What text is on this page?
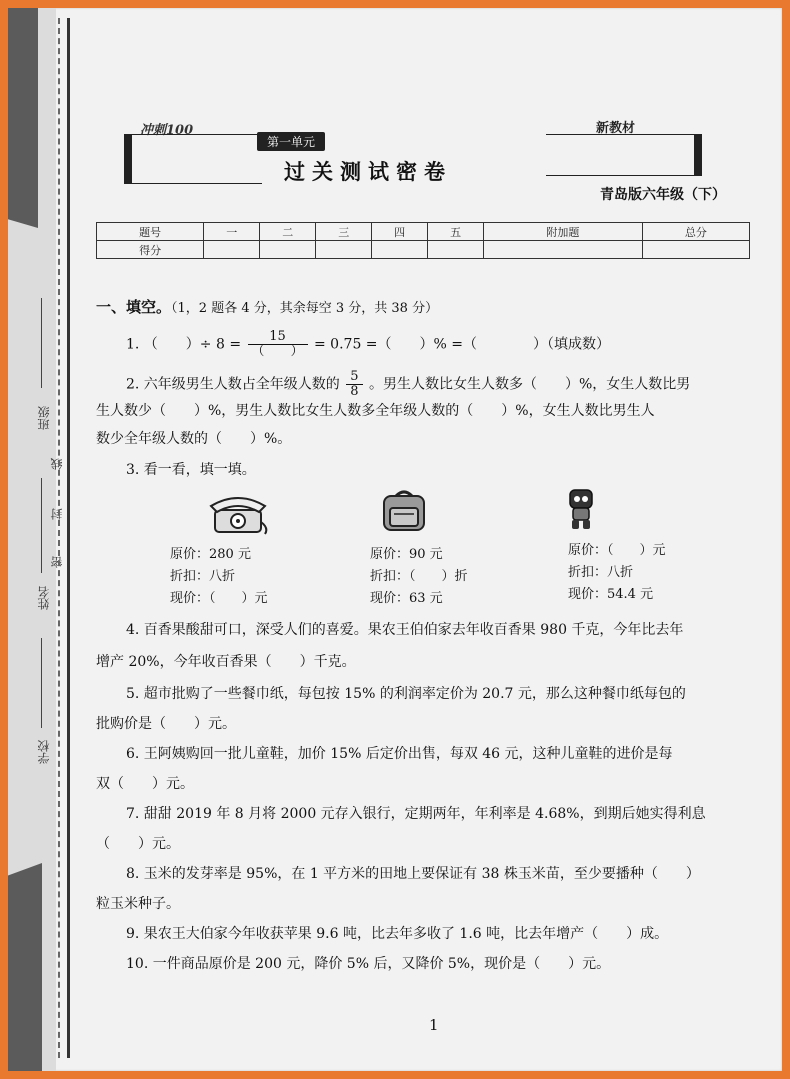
班级
姓名
学校
密
封
线
冲刺100
第一单元
新教材
过关测试密卷
青岛版六年级（下）
题号	一	二	三	四	五	附加题	总分
得分							
一、填空。（1，2 题各 4 分，其余每空 3 分，共 38 分）
1. （　　）÷ $8 = \frac{15}{( )} = 0.75$ =（　　）% =（　　　　）（填成数）
2. 六年级男生人数占全年级人数的 $\frac{5}{8}$ 。男生人数比女生人数多（　　）%，女生人数比男
生人数少（　　）%，男生人数比女生人数多全年级人数的（　　）%，女生人数比男生人
数少全年级人数的（　　）%。
3. 看一看，填一填。
原价：280 元
折扣：八折
现价：（　　）元
原价：90 元
折扣：（　　）折
现价：63 元
原价：（　　）元
折扣：八折
现价：54.4 元
4. 百香果酸甜可口，深受人们的喜爱。果农王伯伯家去年收百香果 980 千克，今年比去年
增产 20%，今年收百香果（　　）千克。
5. 超市批购了一些餐巾纸，每包按 15% 的利润率定价为 20.7 元，那么这种餐巾纸每包的
批购价是（　　）元。
6. 王阿姨购回一批儿童鞋，加价 15% 后定价出售，每双 46 元，这种儿童鞋的进价是每
双（　　）元。
7. 甜甜 2019 年 8 月将 2000 元存入银行，定期两年，年利率是 4.68%，到期后她实得利息
（　　）元。
8. 玉米的发芽率是 95%，在 1 平方米的田地上要保证有 38 株玉米苗，至少要播种（　　）
粒玉米种子。
9. 果农王大伯家今年收获苹果 9.6 吨，比去年多收了 1.6 吨，比去年增产（　　）成。
10. 一件商品原价是 200 元，降价 5% 后，又降价 5%，现价是（　　）元。
1
